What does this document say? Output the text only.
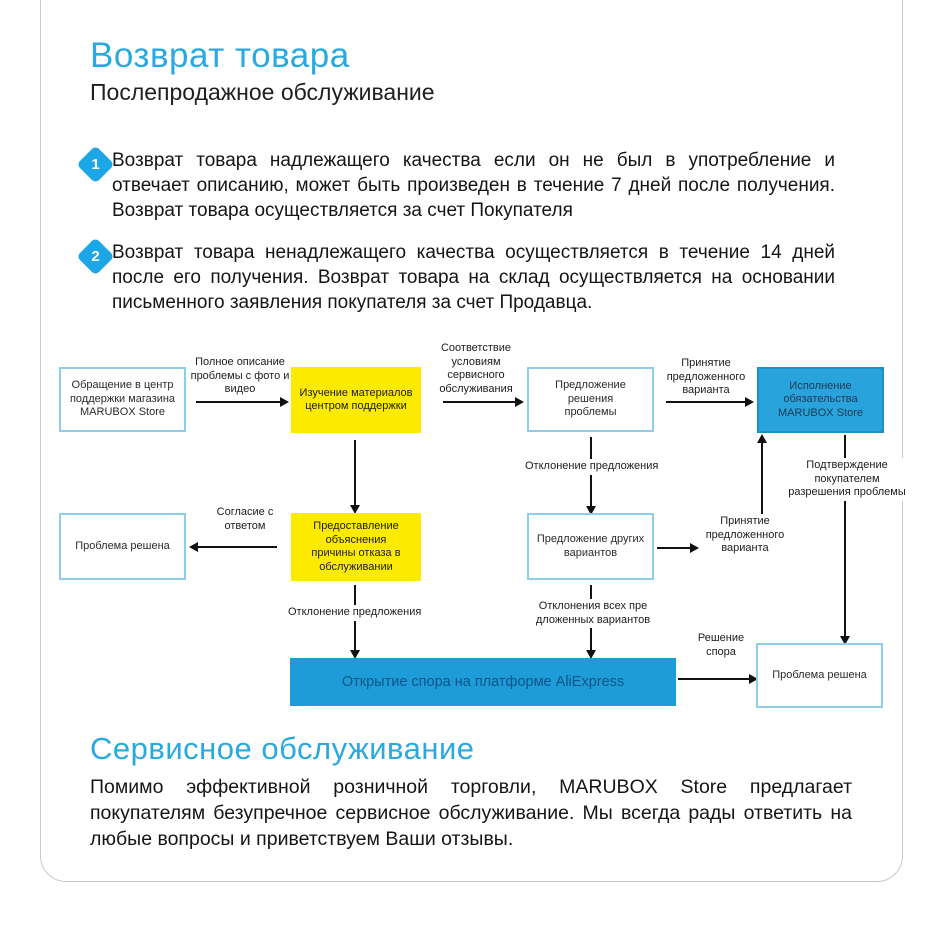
Возврат товара
Послепродажное обслуживание
1 Возврат товара надлежащего качества если он не был в употребление и отвечает описанию, может быть произведен в течение 7 дней после получения. Возврат товара осуществляется за счет Покупателя
2 Возврат товара ненадлежащего качества осуществляется в течение 14 дней после его получения. Возврат товара на склад осуществляется на основании письменного заявления покупателя за счет Продавца.
Полное описание проблемы с фото и видео
Соответствие условиям сервисного обслуживания
Принятие предложенного варианта
Отклонение предложения	Подтверждение покупателем разрешения проблемы
Согласие с ответом	Принятие предложенного варианта
Отклонение предложения	Отклонения всех пре дложенных вариантов
Решение спора
Обращение в центр поддержки магазина MARUBOX Store
Изучение материалов центром поддержки
Предложение решения проблемы
Исполнение обязательства MARUBOX Store
Проблема решена
Предоставление объяснения причины отказа в обслуживании
Предложение других вариантов
Открытие спора на платформе AliExpress	Проблема решена
Сервисное обслуживание
Помимо эффективной розничной торговли, MARUBOX Store предлагает покупателям безупречное сервисное обслуживание. Мы всегда рады ответить на любые вопросы и приветствуем Ваши отзывы.
